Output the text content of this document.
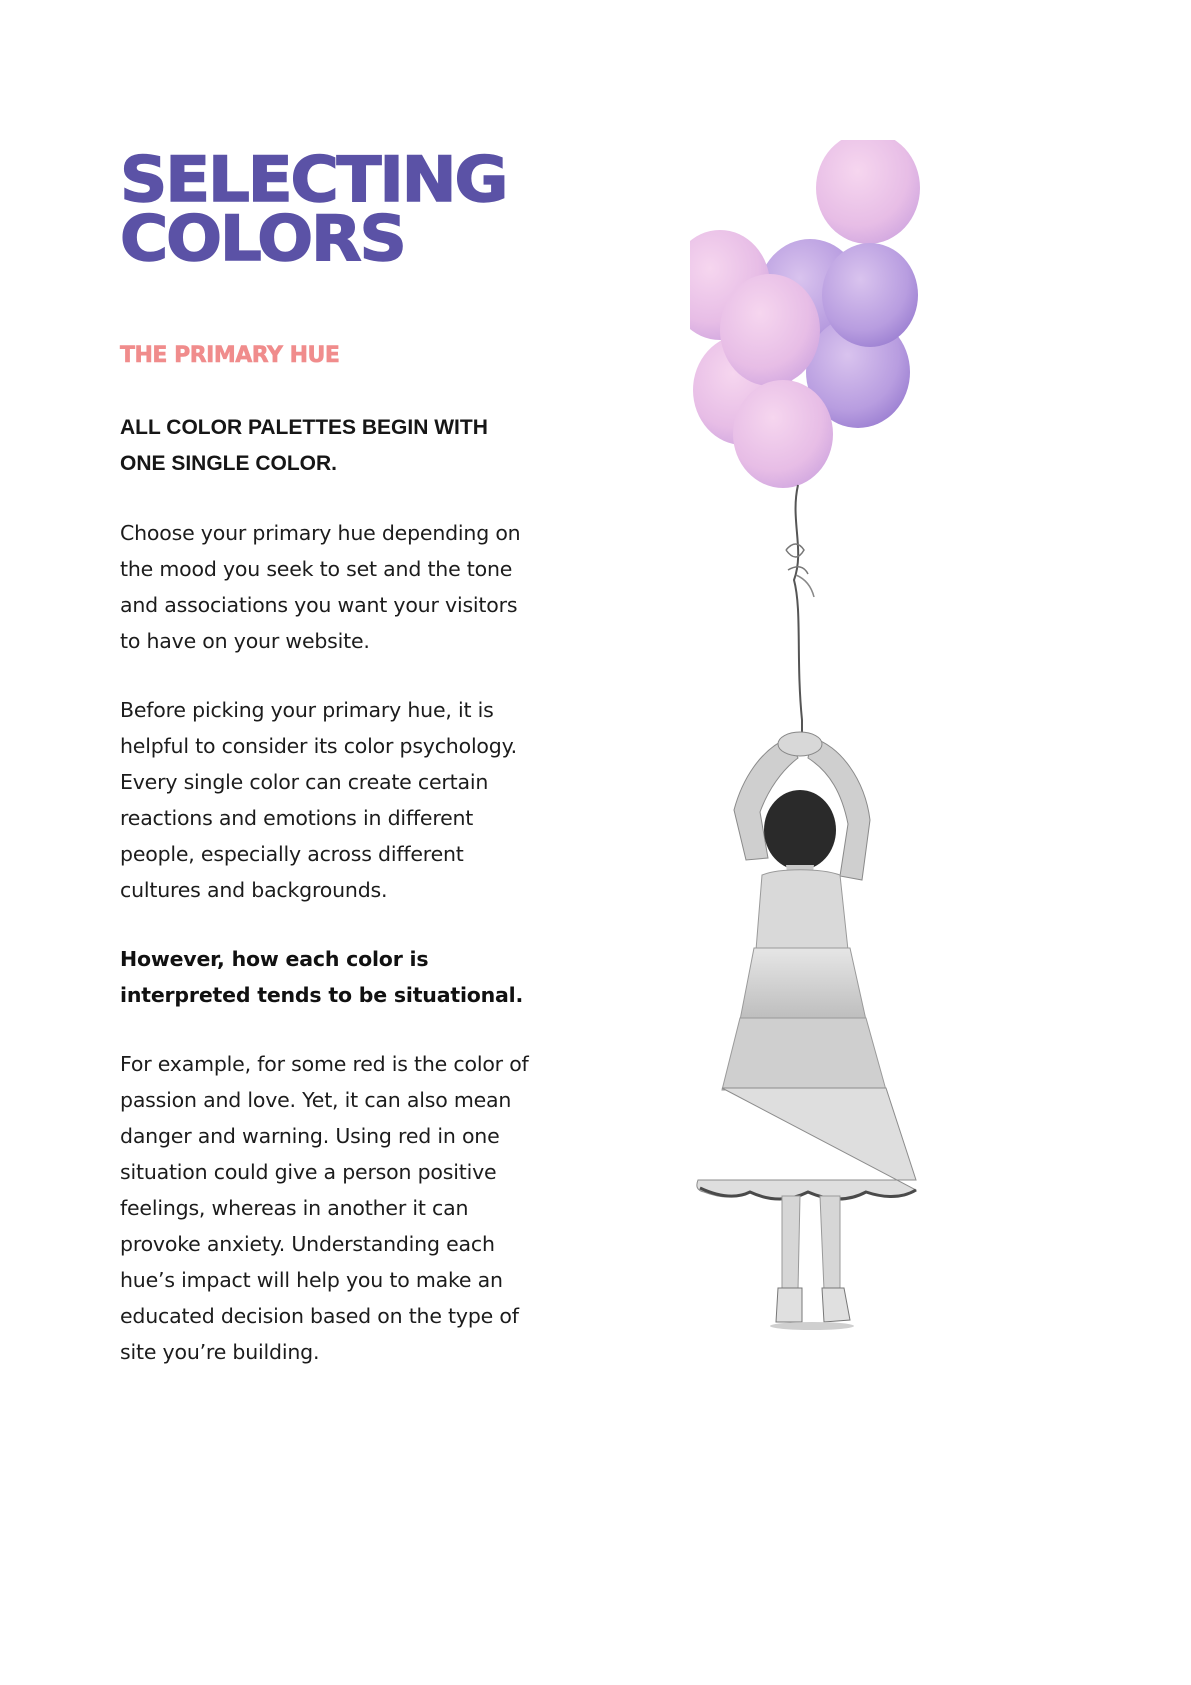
SELECTING
COLORS
THE PRIMARY HUE

ALL COLOR PALETTES BEGIN WITH
ONE SINGLE COLOR.

Choose your primary hue depending on the mood you seek to set and the tone and associations you want your visitors to have on your website.

Before picking your primary hue, it is helpful to consider its color psychology. Every single color can create certain reactions and emotions in different people, especially across different cultures and backgrounds.

However, how each color is interpreted tends to be situational.

For example, for some red is the color of passion and love. Yet, it can also mean danger and warning. Using red in one situation could give a person positive feelings, whereas in another it can provoke anxiety. Understanding each hue’s impact will help you to make an educated decision based on the type of site you’re building.
